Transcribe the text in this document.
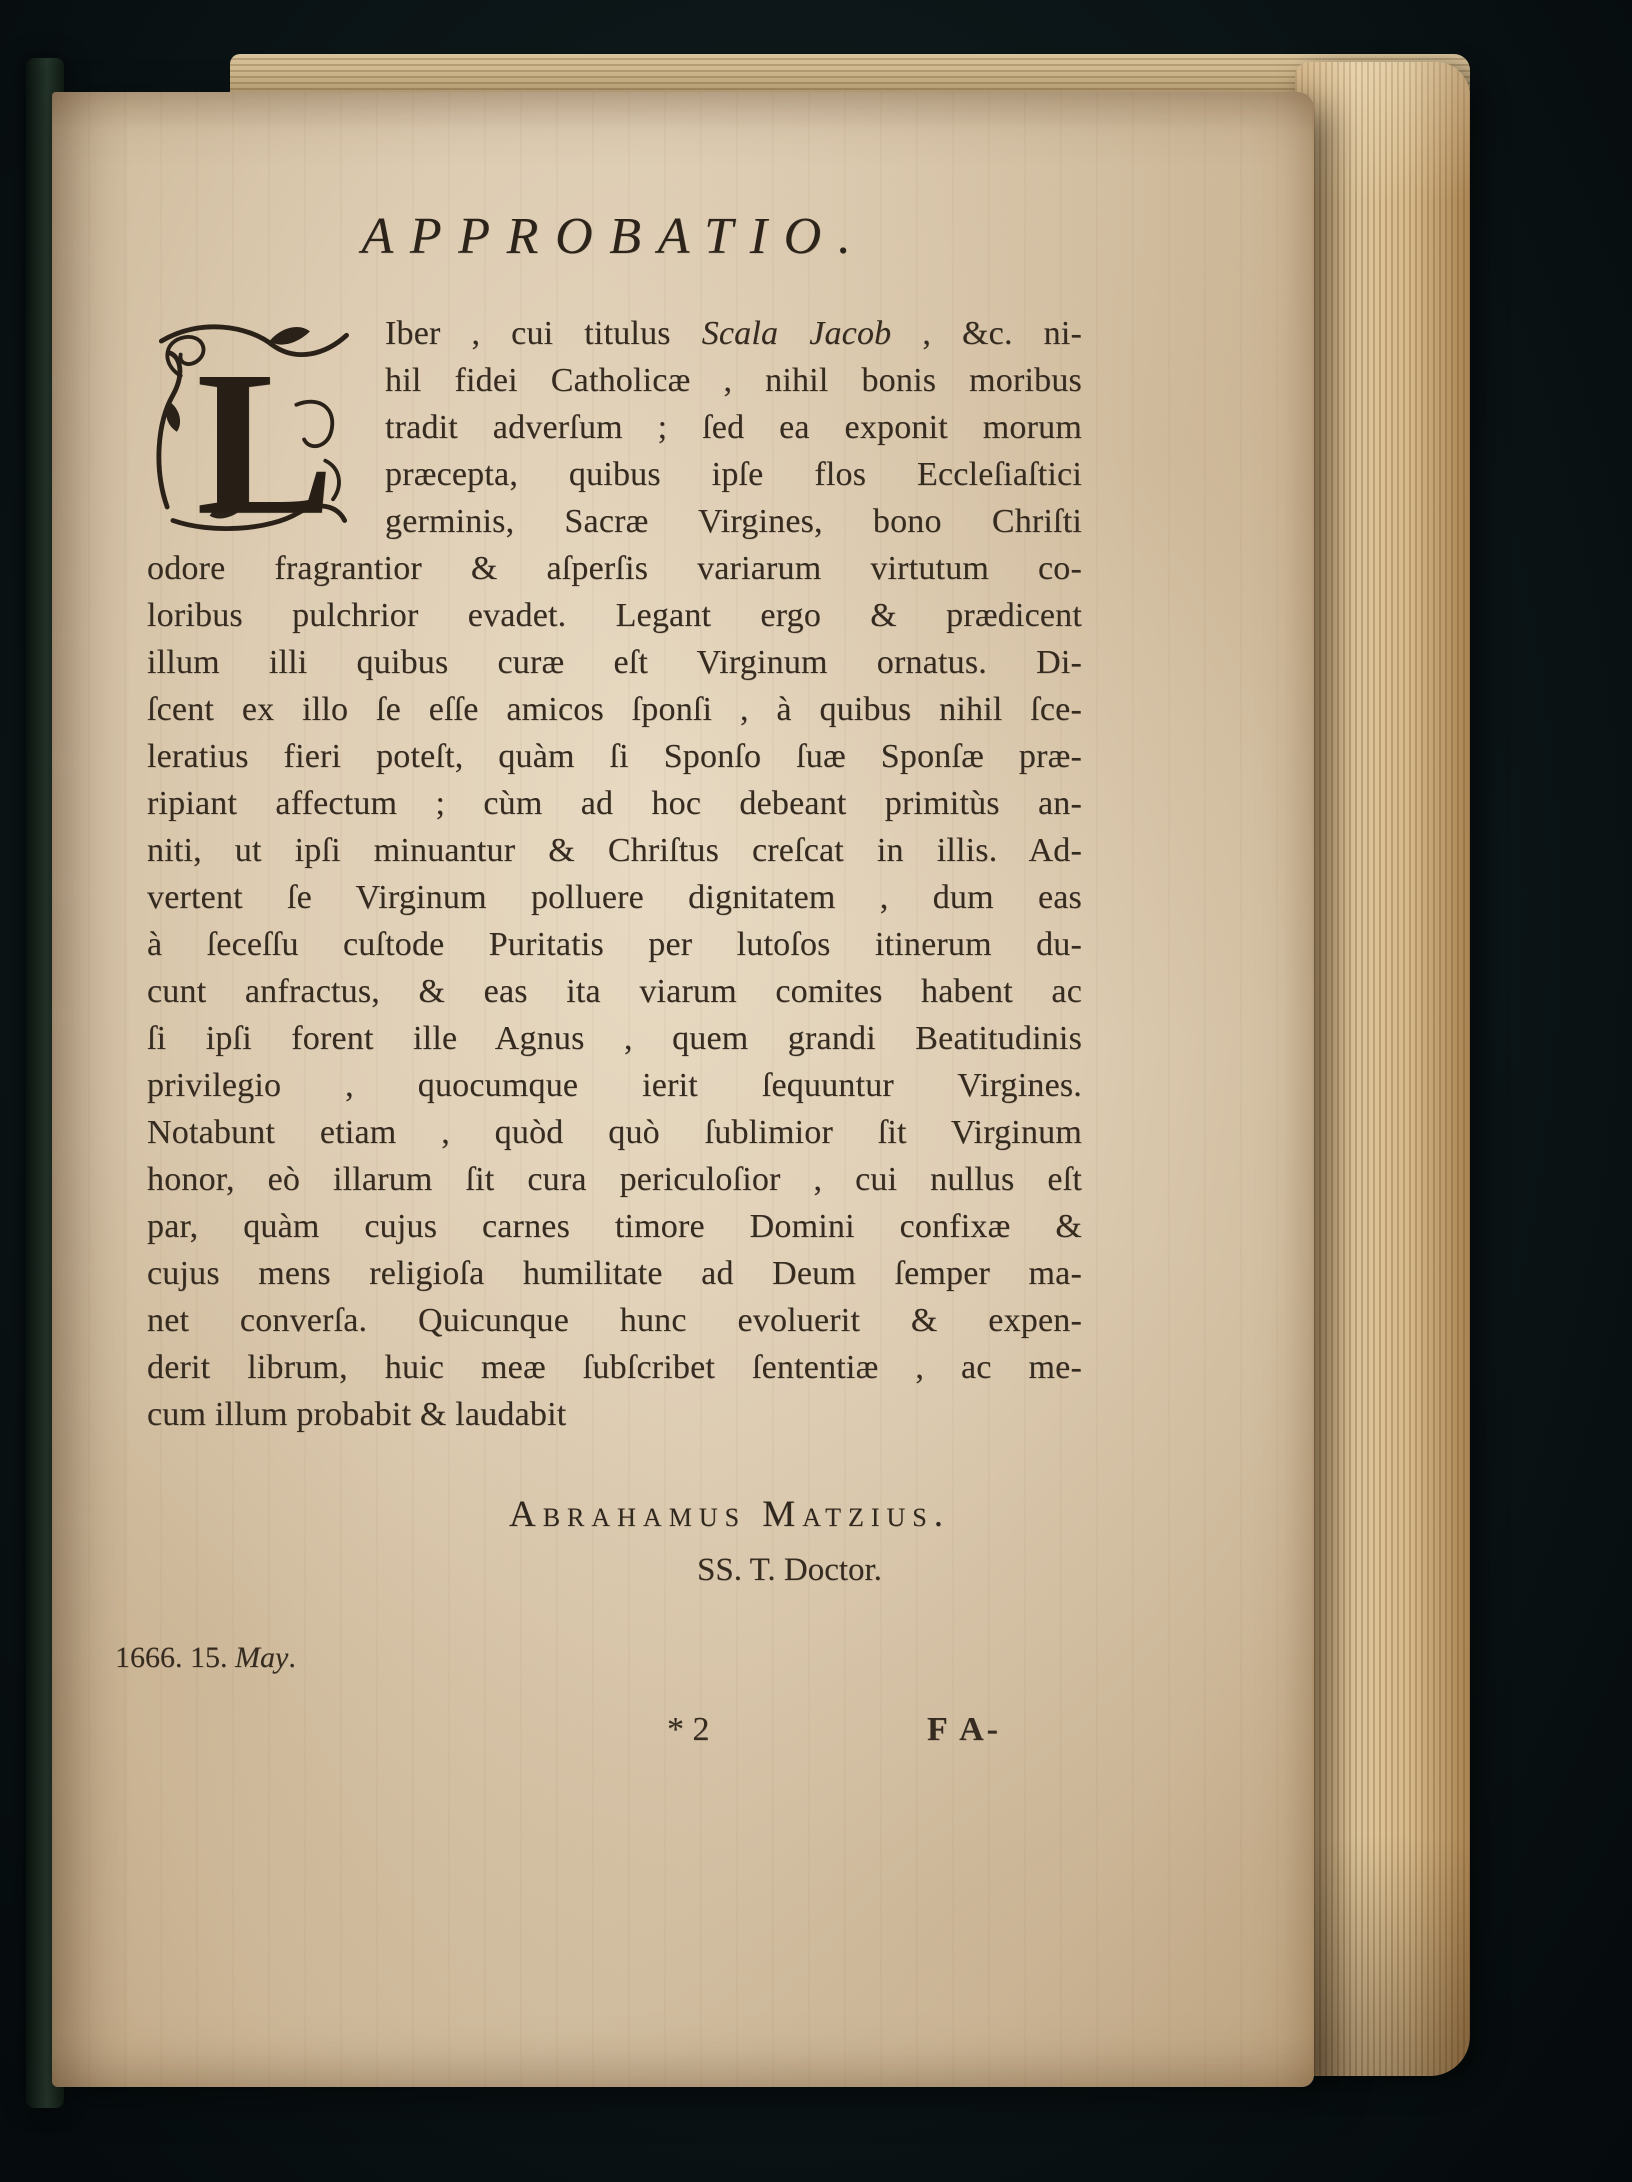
APPROBATIO.
L	Iber , cui titulus Scala Jacob , &c. ni-
hil fidei Catholicæ , nihil bonis moribus
tradit adverſum ; ſed ea exponit morum
præcepta, quibus ipſe flos Eccleſiaſtici
germinis, Sacræ Virgines, bono Chriſti
odore fragrantior & aſperſis variarum virtutum co-
loribus pulchrior evadet. Legant ergo & prædicent
illum illi quibus curæ eſt Virginum ornatus. Di-
ſcent ex illo ſe eſſe amicos ſponſi , à quibus nihil ſce-
leratius fieri poteſt, quàm ſi Sponſo ſuæ Sponſæ præ-
ripiant affectum ; cùm ad hoc debeant primitùs an-
niti, ut ipſi minuantur & Chriſtus creſcat in illis. Ad-
vertent ſe Virginum polluere dignitatem , dum eas
à ſeceſſu cuſtode Puritatis per lutoſos itinerum du-
cunt anfractus, & eas ita viarum comites habent ac
ſi ipſi forent ille Agnus , quem grandi Beatitudinis
privilegio , quocumque ierit ſequuntur Virgines.
Notabunt etiam , quòd quò ſublimior ſit Virginum
honor, eò illarum ſit cura periculoſior , cui nullus eſt
par, quàm cujus carnes timore Domini confixæ &
cujus mens religioſa humilitate ad Deum ſemper ma-
net converſa. Quicunque hunc evoluerit & expen-
derit librum, huic meæ ſubſcribet ſententiæ , ac me-
cum illum probabit & laudabit
Abrahamus Matzius.
SS. T. Doctor.
1666. 15. May.
* 2	F A-
